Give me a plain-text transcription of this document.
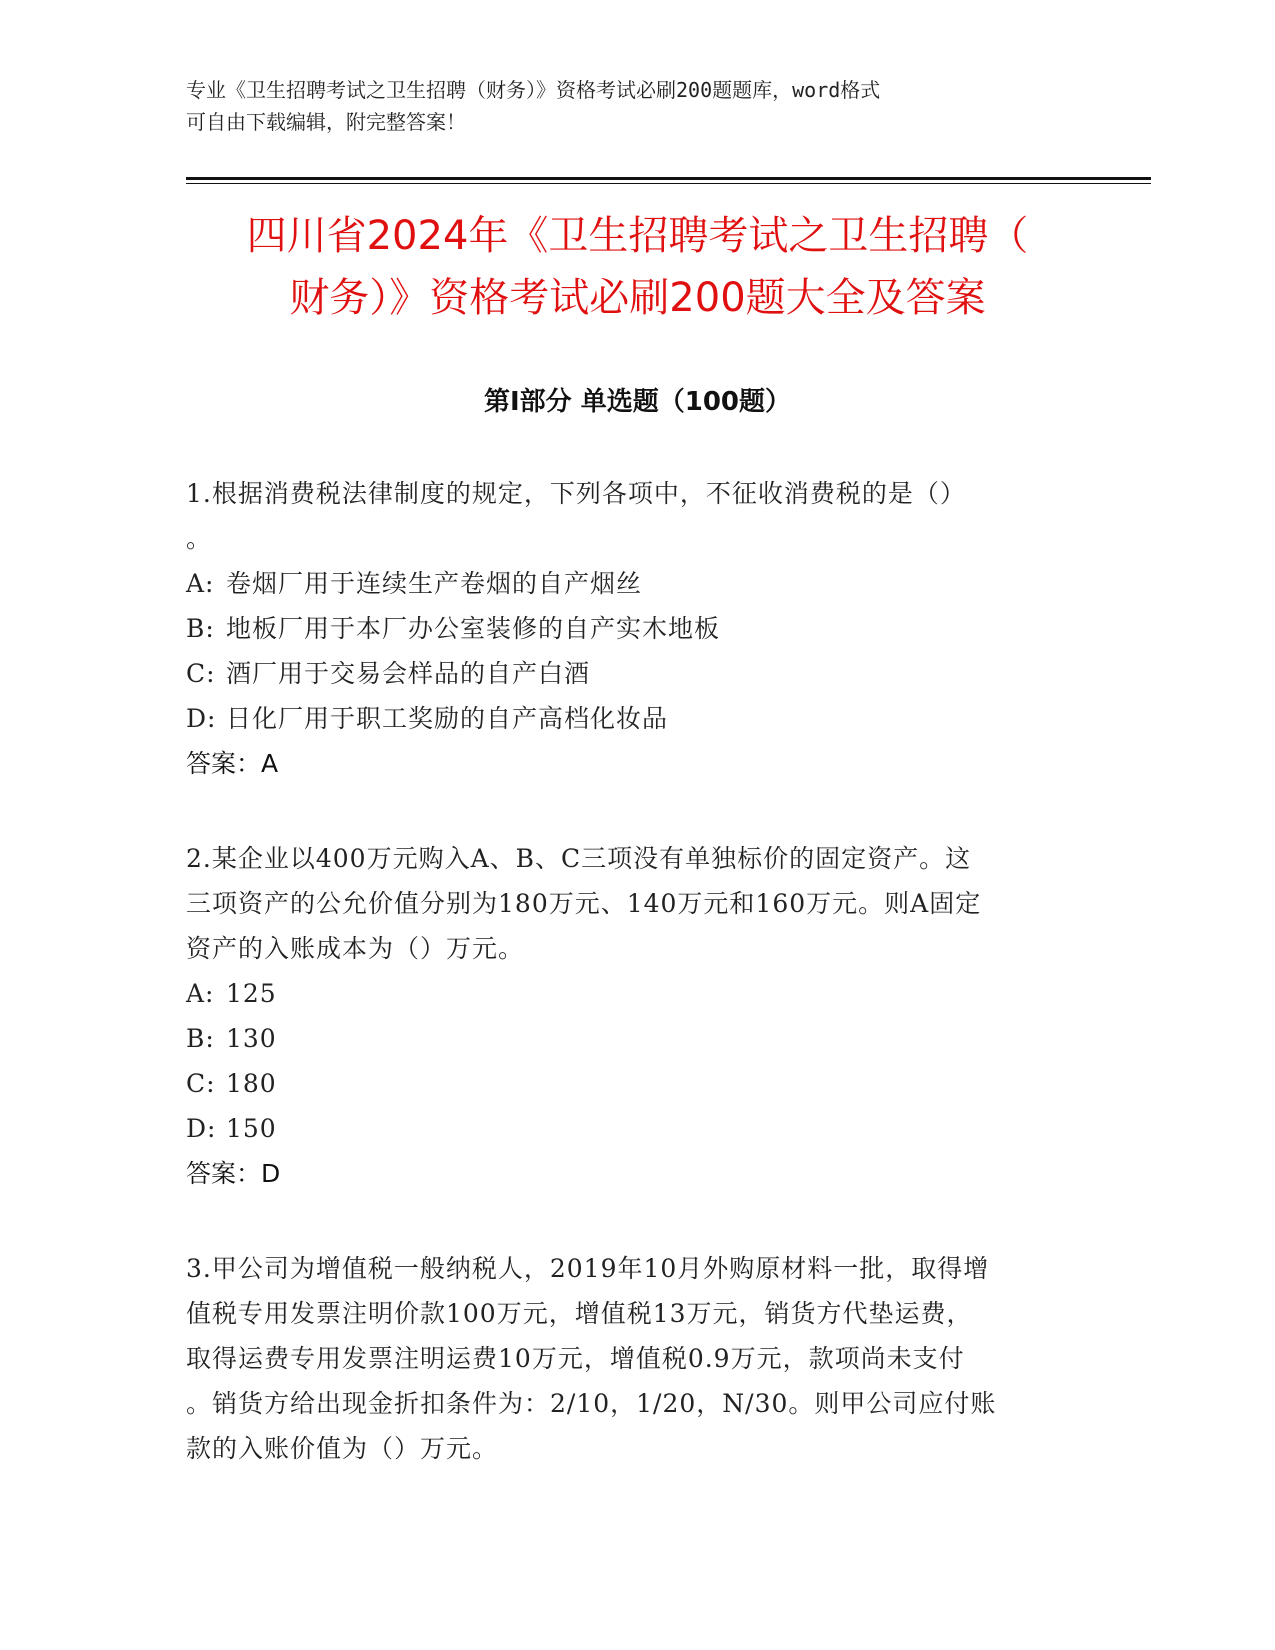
专业《卫生招聘考试之卫生招聘（财务）》资格考试必刷200题题库，word格式
可自由下载编辑，附完整答案！
四川省2024年《卫生招聘考试之卫生招聘（
财务）》资格考试必刷200题大全及答案
第Ⅰ部分 单选题（100题）
1.根据消费税法律制度的规定，下列各项中，不征收消费税的是（）
。
A: 卷烟厂用于连续生产卷烟的自产烟丝
B: 地板厂用于本厂办公室装修的自产实木地板
C: 酒厂用于交易会样品的自产白酒
D: 日化厂用于职工奖励的自产高档化妆品
答案：A
2.某企业以400万元购入A、B、C三项没有单独标价的固定资产。这
三项资产的公允价值分别为180万元、140万元和160万元。则A固定
资产的入账成本为（）万元。
A: 125
B: 130
C: 180
D: 150
答案：D
3.甲公司为增值税一般纳税人，2019年10月外购原材料一批，取得增
值税专用发票注明价款100万元，增值税13万元，销货方代垫运费，
取得运费专用发票注明运费10万元，增值税0.9万元，款项尚未支付
。销货方给出现金折扣条件为：2/10，1/20，N/30。则甲公司应付账
款的入账价值为（）万元。
